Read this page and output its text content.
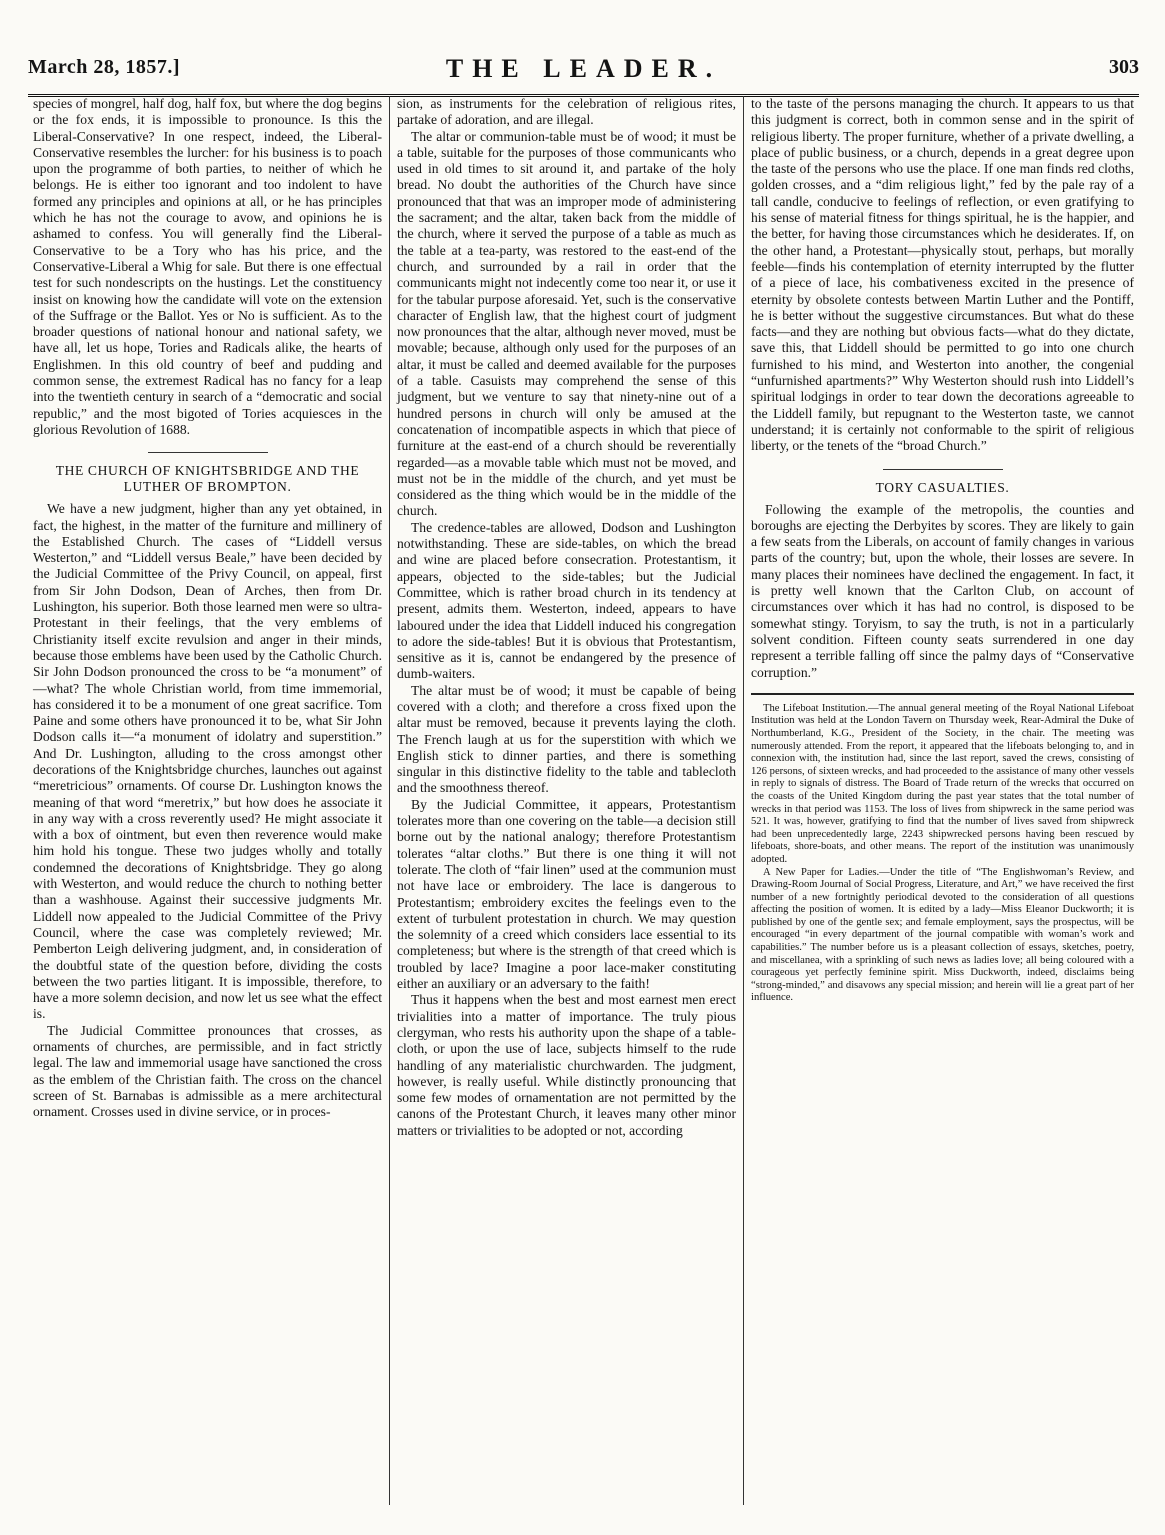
March 28, 1857.]	THE LEADER.	303

species of mongrel, half dog, half fox, but where the dog begins or the fox ends, it is impossible to pronounce. Is this the Liberal-Conservative? In one respect, indeed, the Liberal-Conservative resembles the lurcher: for his business is to poach upon the programme of both parties, to neither of which he belongs. He is either too ignorant and too indolent to have formed any principles and opinions at all, or he has principles which he has not the courage to avow, and opinions he is ashamed to confess. You will generally find the Liberal-Conservative to be a Tory who has his price, and the Conservative-Liberal a Whig for sale. But there is one effectual test for such nondescripts on the hustings. Let the constituency insist on knowing how the candidate will vote on the extension of the Suffrage or the Ballot. Yes or No is sufficient. As to the broader questions of national honour and national safety, we have all, let us hope, Tories and Radicals alike, the hearts of Englishmen. In this old country of beef and pudding and common sense, the extremest Radical has no fancy for a leap into the twentieth century in search of a “democratic and social republic,” and the most bigoted of Tories acquiesces in the glorious Revolution of 1688.

THE CHURCH OF KNIGHTSBRIDGE AND THE LUTHER OF BROMPTON.

We have a new judgment, higher than any yet obtained, in fact, the highest, in the matter of the furniture and millinery of the Established Church. The cases of “Liddell versus Westerton,” and “Liddell versus Beale,” have been decided by the Judicial Committee of the Privy Council, on appeal, first from Sir John Dodson, Dean of Arches, then from Dr. Lushington, his superior. Both those learned men were so ultra-Protestant in their feelings, that the very emblems of Christianity itself excite revulsion and anger in their minds, because those emblems have been used by the Catholic Church. Sir John Dodson pronounced the cross to be “a monument” of—what? The whole Christian world, from time immemorial, has considered it to be a monument of one great sacrifice. Tom Paine and some others have pronounced it to be, what Sir John Dodson calls it—“a monument of idolatry and superstition.” And Dr. Lushington, alluding to the cross amongst other decorations of the Knightsbridge churches, launches out against “meretricious” ornaments. Of course Dr. Lushington knows the meaning of that word “meretrix,” but how does he associate it in any way with a cross reverently used? He might associate it with a box of ointment, but even then reverence would make him hold his tongue. These two judges wholly and totally condemned the decorations of Knightsbridge. They go along with Westerton, and would reduce the church to nothing better than a washhouse. Against their successive judgments Mr. Liddell now appealed to the Judicial Committee of the Privy Council, where the case was completely reviewed; Mr. Pemberton Leigh delivering judgment, and, in consideration of the doubtful state of the question before, dividing the costs between the two parties litigant. It is impossible, therefore, to have a more solemn decision, and now let us see what the effect is.

The Judicial Committee pronounces that crosses, as ornaments of churches, are permissible, and in fact strictly legal. The law and immemorial usage have sanctioned the cross as the emblem of the Christian faith. The cross on the chancel screen of St. Barnabas is admissible as a mere architectural ornament. Crosses used in divine service, or in proces-

sion, as instruments for the celebration of religious rites, partake of adoration, and are illegal.

The altar or communion-table must be of wood; it must be a table, suitable for the purposes of those communicants who used in old times to sit around it, and partake of the holy bread. No doubt the authorities of the Church have since pronounced that that was an improper mode of administering the sacrament; and the altar, taken back from the middle of the church, where it served the purpose of a table as much as the table at a tea-party, was restored to the east-end of the church, and surrounded by a rail in order that the communicants might not indecently come too near it, or use it for the tabular purpose aforesaid. Yet, such is the conservative character of English law, that the highest court of judgment now pronounces that the altar, although never moved, must be movable; because, although only used for the purposes of an altar, it must be called and deemed available for the purposes of a table. Casuists may comprehend the sense of this judgment, but we venture to say that ninety-nine out of a hundred persons in church will only be amused at the concatenation of incompatible aspects in which that piece of furniture at the east-end of a church should be reverentially regarded—as a movable table which must not be moved, and must not be in the middle of the church, and yet must be considered as the thing which would be in the middle of the church.

The credence-tables are allowed, Dodson and Lushington notwithstanding. These are side-tables, on which the bread and wine are placed before consecration. Protestantism, it appears, objected to the side-tables; but the Judicial Committee, which is rather broad church in its tendency at present, admits them. Westerton, indeed, appears to have laboured under the idea that Liddell induced his congregation to adore the side-tables! But it is obvious that Protestantism, sensitive as it is, cannot be endangered by the presence of dumb-waiters.

The altar must be of wood; it must be capable of being covered with a cloth; and therefore a cross fixed upon the altar must be removed, because it prevents laying the cloth. The French laugh at us for the superstition with which we English stick to dinner parties, and there is something singular in this distinctive fidelity to the table and tablecloth and the smoothness thereof.

By the Judicial Committee, it appears, Protestantism tolerates more than one covering on the table—a decision still borne out by the national analogy; therefore Protestantism tolerates “altar cloths.” But there is one thing it will not tolerate. The cloth of “fair linen” used at the communion must not have lace or embroidery. The lace is dangerous to Protestantism; embroidery excites the feelings even to the extent of turbulent protestation in church. We may question the solemnity of a creed which considers lace essential to its completeness; but where is the strength of that creed which is troubled by lace? Imagine a poor lace-maker constituting either an auxiliary or an adversary to the faith!

Thus it happens when the best and most earnest men erect trivialities into a matter of importance. The truly pious clergyman, who rests his authority upon the shape of a table-cloth, or upon the use of lace, subjects himself to the rude handling of any materialistic churchwarden. The judgment, however, is really useful. While distinctly pronouncing that some few modes of ornamentation are not permitted by the canons of the Protestant Church, it leaves many other minor matters or trivialities to be adopted or not, according

to the taste of the persons managing the church. It appears to us that this judgment is correct, both in common sense and in the spirit of religious liberty. The proper furniture, whether of a private dwelling, a place of public business, or a church, depends in a great degree upon the taste of the persons who use the place. If one man finds red cloths, golden crosses, and a “dim religious light,” fed by the pale ray of a tall candle, conducive to feelings of reflection, or even gratifying to his sense of material fitness for things spiritual, he is the happier, and the better, for having those circumstances which he desiderates. If, on the other hand, a Protestant—physically stout, perhaps, but morally feeble—finds his contemplation of eternity interrupted by the flutter of a piece of lace, his combativeness excited in the presence of eternity by obsolete contests between Martin Luther and the Pontiff, he is better without the suggestive circumstances. But what do these facts—and they are nothing but obvious facts—what do they dictate, save this, that Liddell should be permitted to go into one church furnished to his mind, and Westerton into another, the congenial “unfurnished apartments?” Why Westerton should rush into Liddell’s spiritual lodgings in order to tear down the decorations agreeable to the Liddell family, but repugnant to the Westerton taste, we cannot understand; it is certainly not conformable to the spirit of religious liberty, or the tenets of the “broad Church.”

TORY CASUALTIES.

Following the example of the metropolis, the counties and boroughs are ejecting the Derbyites by scores. They are likely to gain a few seats from the Liberals, on account of family changes in various parts of the country; but, upon the whole, their losses are severe. In many places their nominees have declined the engagement. In fact, it is pretty well known that the Carlton Club, on account of circumstances over which it has had no control, is disposed to be somewhat stingy. Toryism, to say the truth, is not in a particularly solvent condition. Fifteen county seats surrendered in one day represent a terrible falling off since the palmy days of “Conservative corruption.”

The Lifeboat Institution.—The annual general meeting of the Royal National Lifeboat Institution was held at the London Tavern on Thursday week, Rear-Admiral the Duke of Northumberland, K.G., President of the Society, in the chair. The meeting was numerously attended. From the report, it appeared that the lifeboats belonging to, and in connexion with, the institution had, since the last report, saved the crews, consisting of 126 persons, of sixteen wrecks, and had proceeded to the assistance of many other vessels in reply to signals of distress. The Board of Trade return of the wrecks that occurred on the coasts of the United Kingdom during the past year states that the total number of wrecks in that period was 1153. The loss of lives from shipwreck in the same period was 521. It was, however, gratifying to find that the number of lives saved from shipwreck had been unprecedentedly large, 2243 shipwrecked persons having been rescued by lifeboats, shore-boats, and other means. The report of the institution was unanimously adopted.

A New Paper for Ladies.—Under the title of “The Englishwoman’s Review, and Drawing-Room Journal of Social Progress, Literature, and Art,” we have received the first number of a new fortnightly periodical devoted to the consideration of all questions affecting the position of women. It is edited by a lady—Miss Eleanor Duckworth; it is published by one of the gentle sex; and female employment, says the prospectus, will be encouraged “in every department of the journal compatible with woman’s work and capabilities.” The number before us is a pleasant collection of essays, sketches, poetry, and miscellanea, with a sprinkling of such news as ladies love; all being coloured with a courageous yet perfectly feminine spirit. Miss Duckworth, indeed, disclaims being “strong-minded,” and disavows any special mission; and herein will lie a great part of her influence.
